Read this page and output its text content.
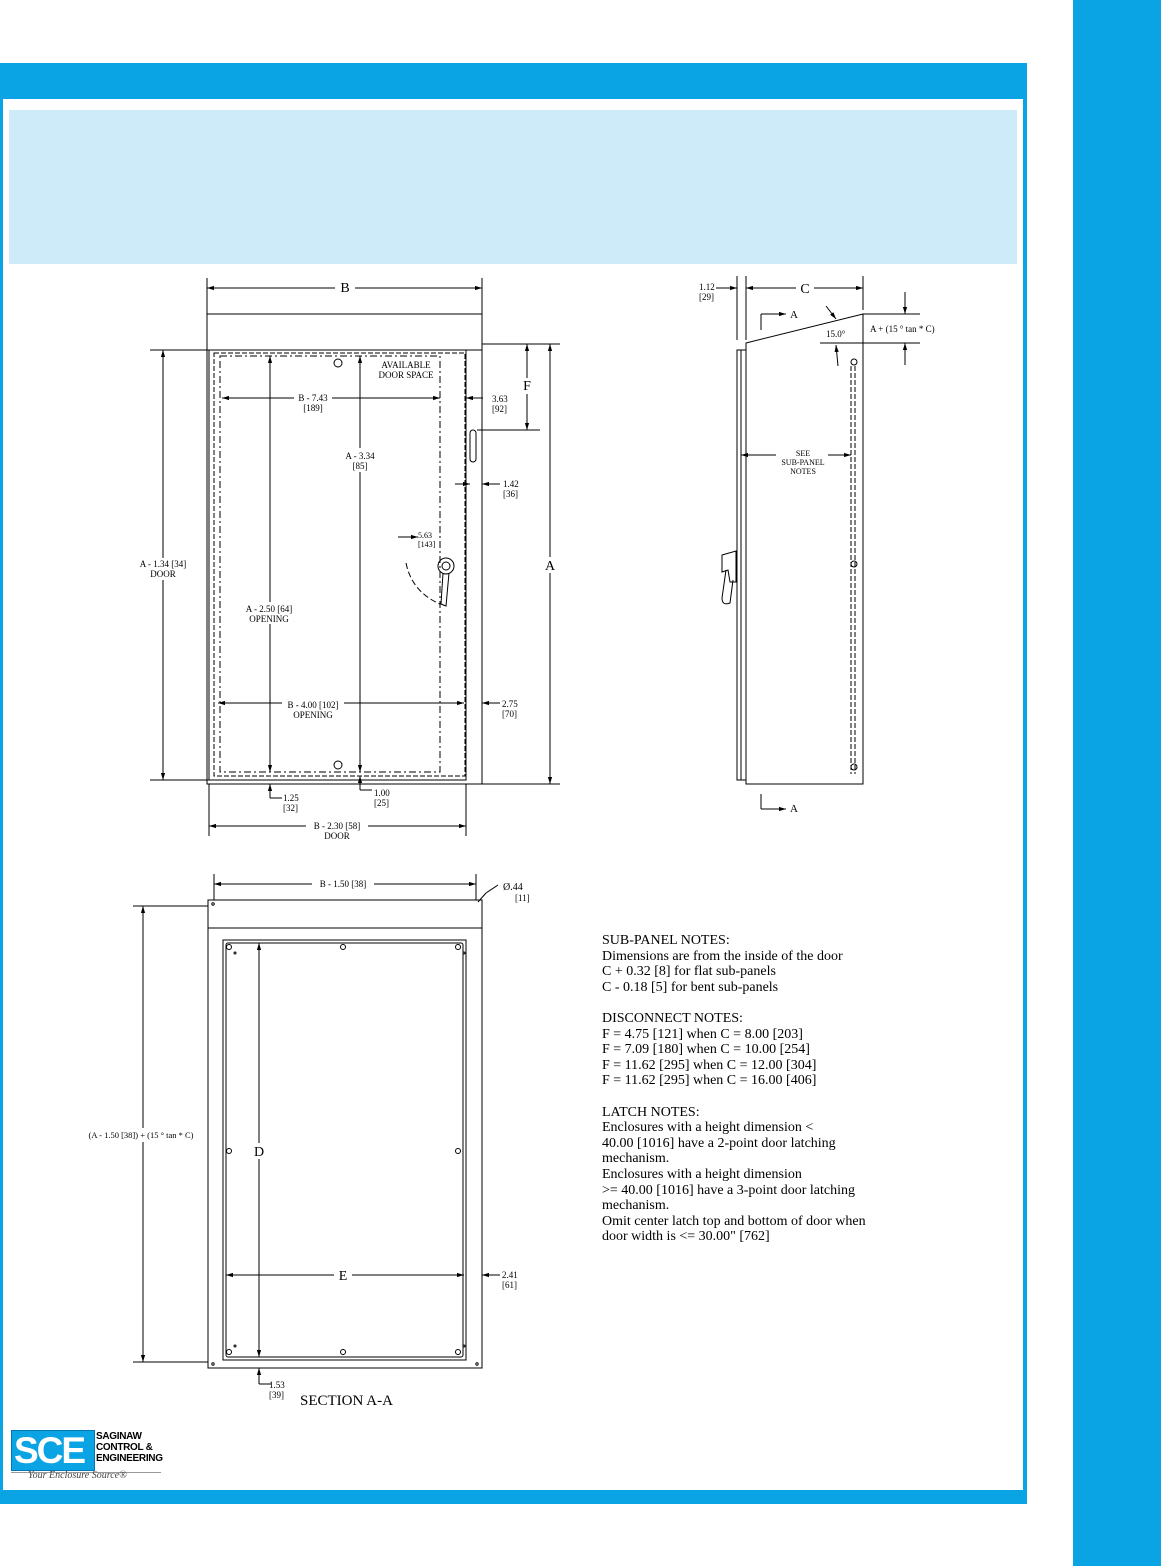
B
AVAILABLE
DOOR SPACE
B - 7.43
[189]
A - 3.34
[85]
3.63
[92]
F
1.42
[36]
5.63
[143]
A
A - 1.34 [34]
DOOR
A - 2.50 [64]
OPENING
B - 4.00 [102]
OPENING
2.75
[70]
1.25
[32]
1.00
[25]
B - 2.30 [58]
DOOR
C
1.12
[29]
A
A
15.0°	A + (15 ° tan * C)
SEE
SUB-PANEL
NOTES
B - 1.50 [38]	Ø.44
[11]
(A - 1.50 [38]) + (15 ° tan * C)
D
E	2.41
[61]
1.53
[39] SECTION A-A
SUB-PANEL NOTES:
Dimensions are from the inside of the door
C + 0.32 [8] for flat sub-panels
C - 0.18 [5] for bent sub-panels
DISCONNECT NOTES:
F = 4.75 [121] when C = 8.00 [203]
F = 7.09 [180] when C = 10.00 [254]
F = 11.62 [295] when C = 12.00 [304]
F = 11.62 [295] when C = 16.00 [406]
LATCH NOTES:
Enclosures with a height dimension <
40.00 [1016] have a 2-point door latching
mechanism.
Enclosures with a height dimension
>= 40.00 [1016] have a 3-point door latching
mechanism.
Omit center latch top and bottom of door when
door width is <= 30.00" [762]
SCE SAGINAW
CONTROL &
ENGINEERING
Your Enclosure Source®
